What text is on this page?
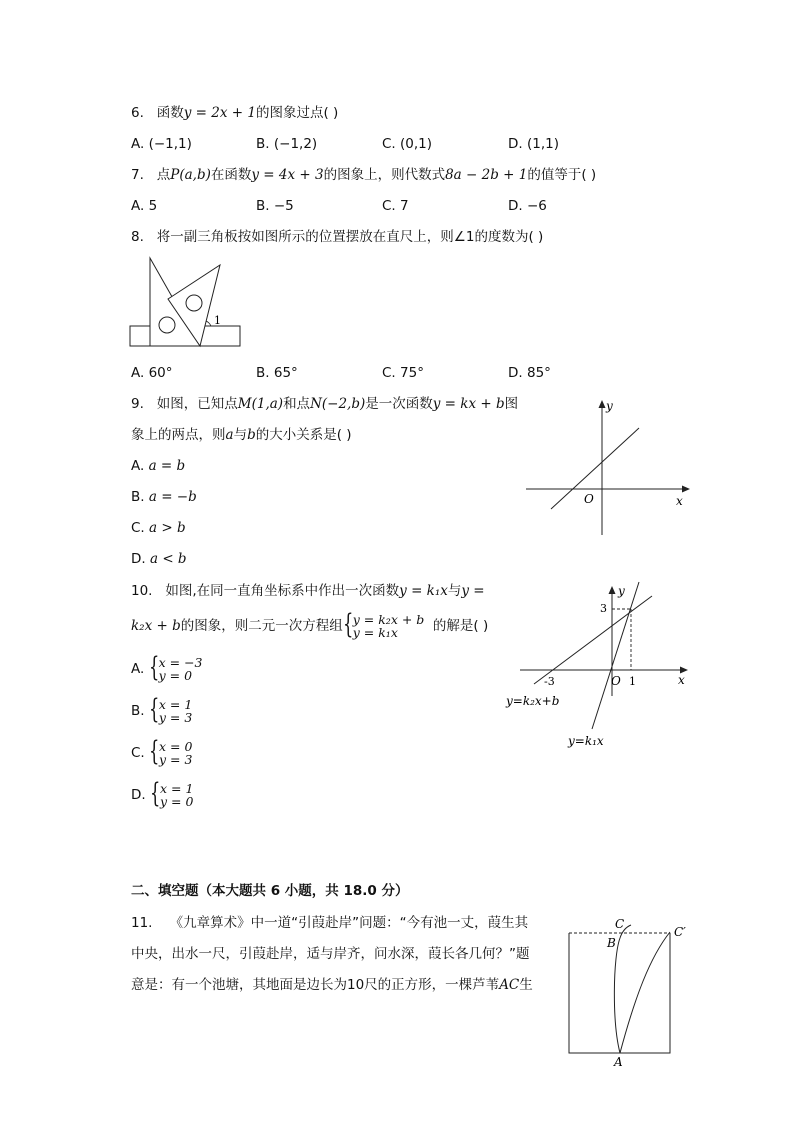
6. 函数y = 2x + 1的图象过点( )
A. (−1,1)	B. (−1,2)	C. (0,1)	D. (1,1)
7. 点P(a,b)在函数y = 4x + 3的图象上，则代数式8a − 2b + 1的值等于( )
A. 5	B. −5	C. 7	D. −6
8. 将一副三角板按如图所示的位置摆放在直尺上，则∠1的度数为( )
1
A. 60°	B. 65°	C. 75°	D. 85°
9. 如图，已知点M(1,a)和点N(−2,b)是一次函数y = kx + b图
象上的两点，则a与b的大小关系是( )
A. a = b
B. a = −b
C. a > b
D. a < b
y
x
O
10. 如图,在同一直角坐标系中作出一次函数y = k₁x与y =
k₂x + b的图象，则二元一次方程组 { y = k₂x + b
y = k₁x	的解是( )
A. { x = −3
y = 0
B. { x = 1
y = 3
C. { x = 0
y = 3
D. { x = 1
y = 0
y
x
O
3
-3	1
y=k₂x+b
y=k₁x
二、填空题（本大题共 6 小题，共 18.0 分）
11. 《九章算术》中一道“引葭赴岸”问题：“今有池一丈，葭生其
中央，出水一尺，引葭赴岸，适与岸齐，问水深，葭长各几何？”题
意是：有一个池塘，其地面是边长为10尺的正方形，一棵芦苇AC生
C
C′
B
A
